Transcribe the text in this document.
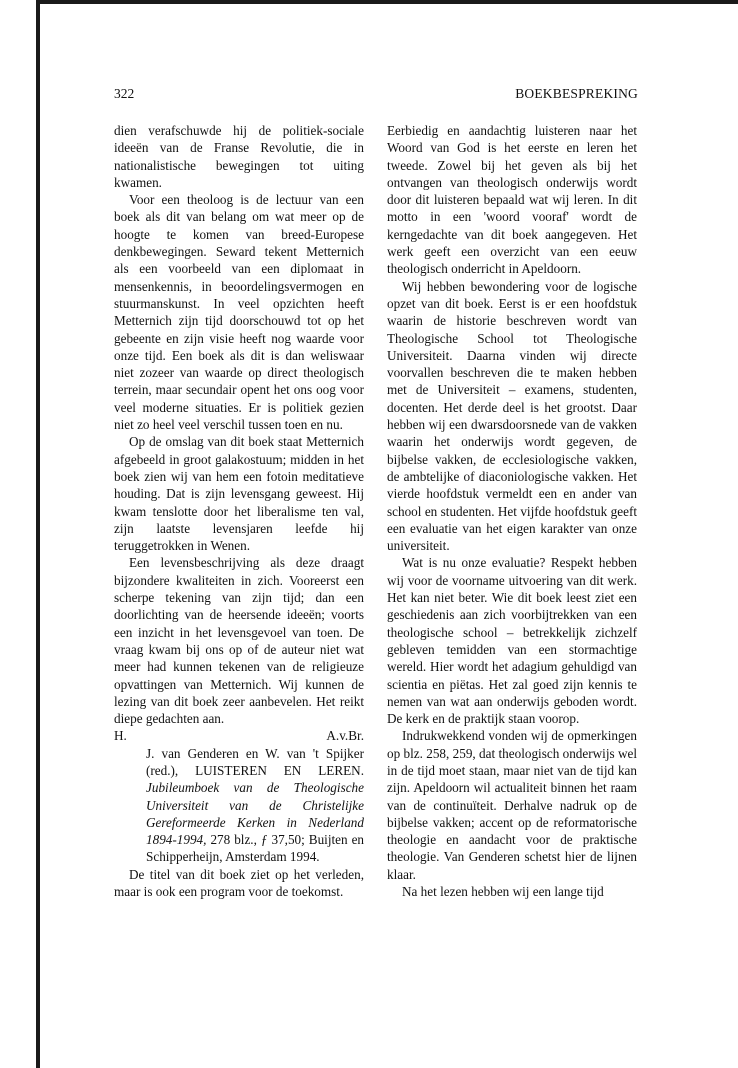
322	BOEKBESPREKING

dien verafschuwde hij de politiek-sociale ideeën van de Franse Revolutie, die in nationalistische bewegingen tot uiting kwamen.

Voor een theoloog is de lectuur van een boek als dit van belang om wat meer op de hoogte te komen van breed-Europese denkbewegingen. Seward tekent Metternich als een voorbeeld van een diplomaat in mensenkennis, in beoordelingsvermogen en stuurmanskunst. In veel opzichten heeft Metternich zijn tijd doorschouwd tot op het gebeente en zijn visie heeft nog waarde voor onze tijd. Een boek als dit is dan weliswaar niet zozeer van waarde op direct theologisch terrein, maar secundair opent het ons oog voor veel moderne situaties. Er is politiek gezien niet zo heel veel verschil tussen toen en nu.

Op de omslag van dit boek staat Metternich afgebeeld in groot galakostuum; midden in het boek zien wij van hem een fotoin meditatieve houding. Dat is zijn levensgang geweest. Hij kwam tenslotte door het liberalisme ten val, zijn laatste levensjaren leefde hij teruggetrokken in Wenen.

Een levensbeschrijving als deze draagt bijzondere kwaliteiten in zich. Vooreerst een scherpe tekening van zijn tijd; dan een doorlichting van de heersende ideeën; voorts een inzicht in het levensgevoel van toen. De vraag kwam bij ons op of de auteur niet wat meer had kunnen tekenen van de religieuze opvattingen van Metternich. Wij kunnen de lezing van dit boek zeer aanbevelen. Het reikt diepe gedachten aan.

H.	A.v.Br.

J. van Genderen en W. van 't Spijker (red.), LUISTEREN EN LEREN. Jubileumboek van de Theologische Universiteit van de Christelijke Gereformeerde Kerken in Nederland 1894-1994, 278 blz., ƒ 37,50; Buijten en Schipperheijn, Amsterdam 1994.

De titel van dit boek ziet op het verleden, maar is ook een program voor de toekomst.

Eerbiedig en aandachtig luisteren naar het Woord van God is het eerste en leren het tweede. Zowel bij het geven als bij het ontvangen van theologisch onderwijs wordt door dit luisteren bepaald wat wij leren. In dit motto in een 'woord vooraf' wordt de kerngedachte van dit boek aangegeven. Het werk geeft een overzicht van een eeuw theologisch onderricht in Apeldoorn.

Wij hebben bewondering voor de logische opzet van dit boek. Eerst is er een hoofdstuk waarin de historie beschreven wordt van Theologische School tot Theologische Universiteit. Daarna vinden wij directe voorvallen beschreven die te maken hebben met de Universiteit – examens, studenten, docenten. Het derde deel is het grootst. Daar hebben wij een dwarsdoorsnede van de vakken waarin het onderwijs wordt gegeven, de bijbelse vakken, de ecclesiologische vakken, de ambtelijke of diaconiologische vakken. Het vierde hoofdstuk vermeldt een en ander van school en studenten. Het vijfde hoofdstuk geeft een evaluatie van het eigen karakter van onze universiteit.

Wat is nu onze evaluatie? Respekt hebben wij voor de voorname uitvoering van dit werk. Het kan niet beter. Wie dit boek leest ziet een geschiedenis aan zich voorbijtrekken van een theologische school – betrekkelijk zichzelf gebleven temidden van een stormachtige wereld. Hier wordt het adagium gehuldigd van scientia en piëtas. Het zal goed zijn kennis te nemen van wat aan onderwijs geboden wordt. De kerk en de praktijk staan voorop.

Indrukwekkend vonden wij de opmerkingen op blz. 258, 259, dat theologisch onderwijs wel in de tijd moet staan, maar niet van de tijd kan zijn. Apeldoorn wil actualiteit binnen het raam van de continuïteit. Derhalve nadruk op de bijbelse vakken; accent op de reformatorische theologie en aandacht voor de praktische theologie. Van Genderen schetst hier de lijnen klaar.

Na het lezen hebben wij een lange tijd
